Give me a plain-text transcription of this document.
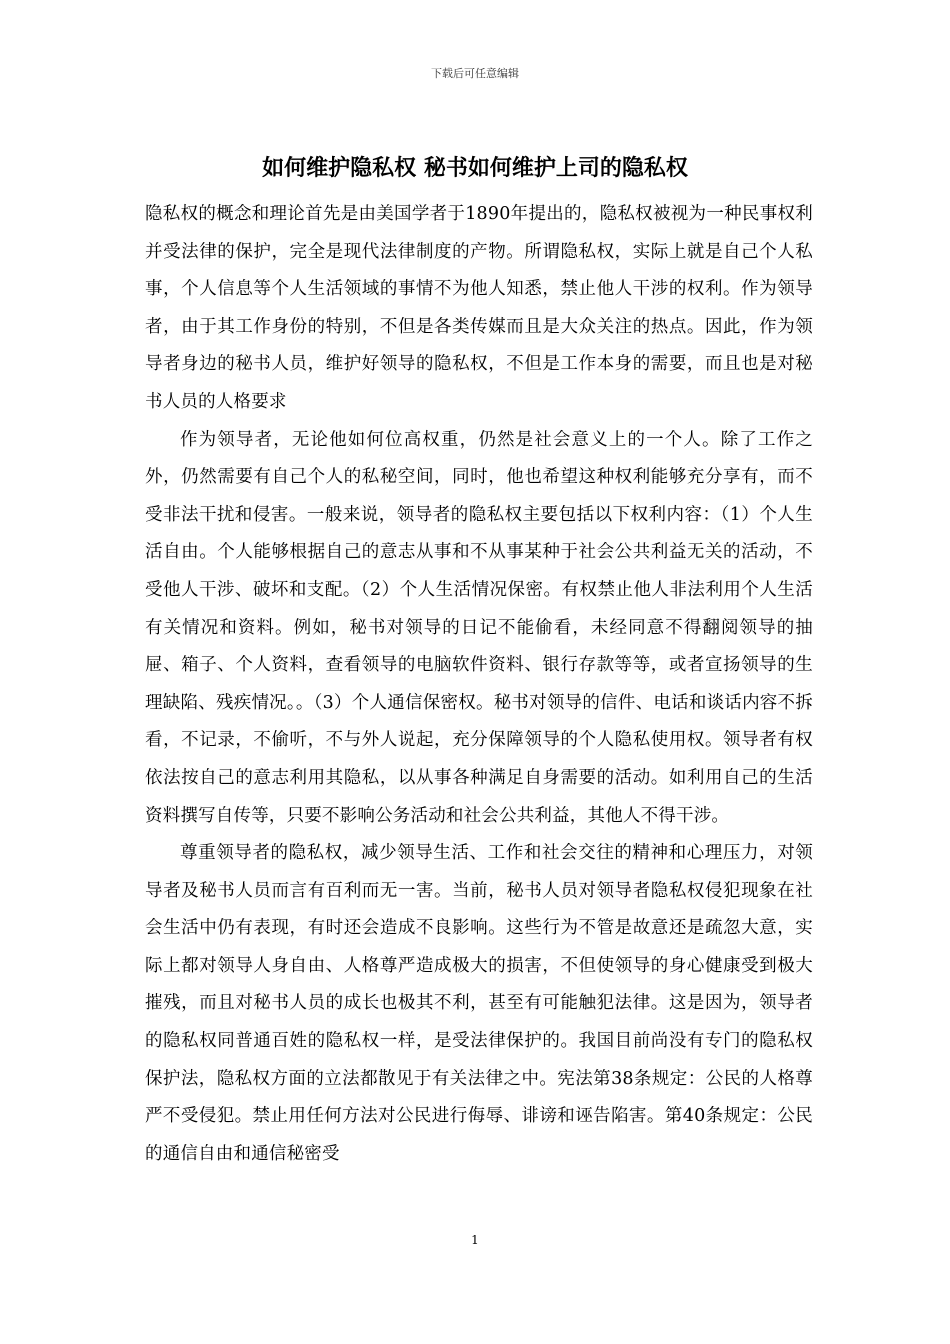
下载后可任意编辑
如何维护隐私权 秘书如何维护上司的隐私权

隐私权的概念和理论首先是由美国学者于1890年提出的，隐私权被视为一种民事权利并受法律的保护，完全是现代法律制度的产物。所谓隐私权，实际上就是自己个人私事，个人信息等个人生活领域的事情不为他人知悉，禁止他人干涉的权利。作为领导者，由于其工作身份的特别，不但是各类传媒而且是大众关注的热点。因此，作为领导者身边的秘书人员，维护好领导的隐私权，不但是工作本身的需要，而且也是对秘书人员的人格要求

作为领导者，无论他如何位高权重，仍然是社会意义上的一个人。除了工作之外，仍然需要有自己个人的私秘空间，同时，他也希望这种权利能够充分享有，而不受非法干扰和侵害。一般来说，领导者的隐私权主要包括以下权利内容：（1）个人生活自由。个人能够根据自己的意志从事和不从事某种于社会公共利益无关的活动，不受他人干涉、破坏和支配。（2）个人生活情况保密。有权禁止他人非法利用个人生活有关情况和资料。例如，秘书对领导的日记不能偷看，未经同意不得翻阅领导的抽屉、箱子、个人资料，查看领导的电脑软件资料、银行存款等等，或者宣扬领导的生理缺陷、残疾情况。。（3）个人通信保密权。秘书对领导的信件、电话和谈话内容不拆看，不记录，不偷听，不与外人说起，充分保障领导的个人隐私使用权。领导者有权依法按自己的意志利用其隐私，以从事各种满足自身需要的活动。如利用自己的生活资料撰写自传等，只要不影响公务活动和社会公共利益，其他人不得干涉。

尊重领导者的隐私权，减少领导生活、工作和社会交往的精神和心理压力，对领导者及秘书人员而言有百利而无一害。当前，秘书人员对领导者隐私权侵犯现象在社会生活中仍有表现，有时还会造成不良影响。这些行为不管是故意还是疏忽大意，实际上都对领导人身自由、人格尊严造成极大的损害，不但使领导的身心健康受到极大摧残，而且对秘书人员的成长也极其不利，甚至有可能触犯法律。这是因为，领导者的隐私权同普通百姓的隐私权一样，是受法律保护的。我国目前尚没有专门的隐私权保护法，隐私权方面的立法都散见于有关法律之中。宪法第38条规定：公民的人格尊严不受侵犯。禁止用任何方法对公民进行侮辱、诽谤和诬告陷害。第40条规定：公民的通信自由和通信秘密受

1
